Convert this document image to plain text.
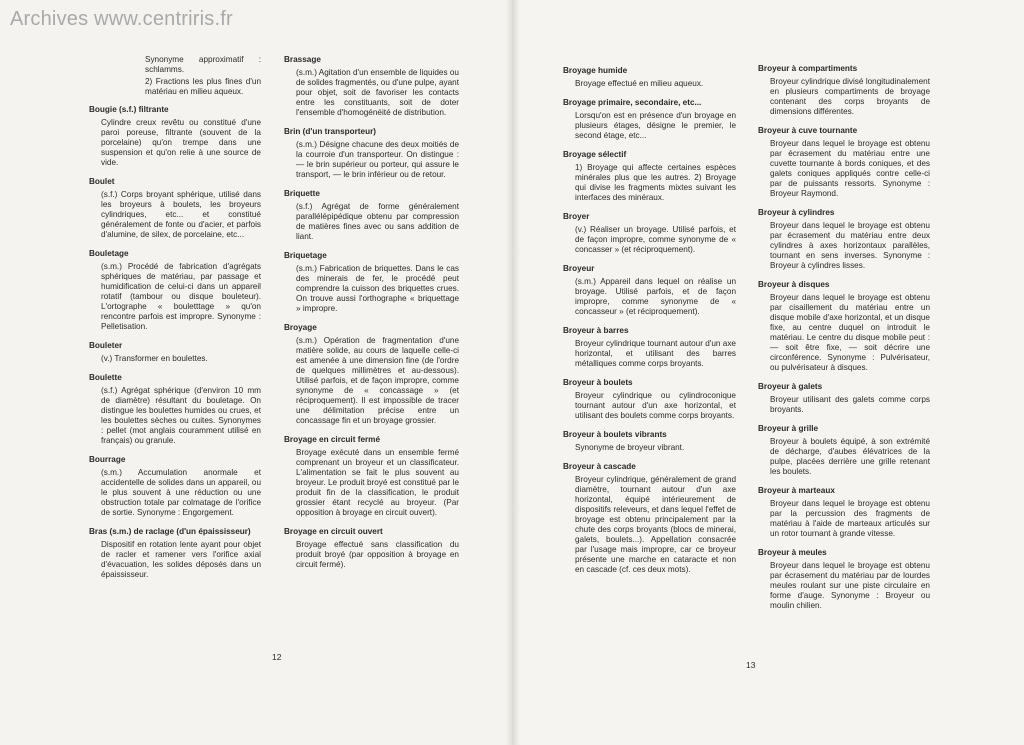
Archives www.centriris.fr

Synonyme approximatif : schlamms.

2) Fractions les plus fines d'un matériau en milieu aqueux.

Bougie (s.f.) filtrante
Cylindre creux revêtu ou constitué d'une paroi poreuse, filtrante (souvent de la porcelaine) qu'on trempe dans une suspension et qu'on relie à une source de vide.
Boulet
(s.f.) Corps broyant sphérique, utilisé dans les broyeurs à boulets, les broyeurs cylindriques, etc... et constitué généralement de fonte ou d'acier, et parfois d'alumine, de silex, de porcelaine, etc...
Bouletage
(s.m.) Procédé de fabrication d'agrégats sphériques de matériau, par passage et humidification de celui-ci dans un appareil rotatif (tambour ou disque bouleteur). L'ortographe « bouletttage » qu'on rencontre parfois est impropre. Synonyme : Pelletisation.
Bouleter
(v.) Transformer en boulettes.
Boulette
(s.f.) Agrégat sphérique (d'environ 10 mm de diamètre) résultant du bouletage. On distingue les boulettes humides ou crues, et les boulettes sèches ou cuites. Synonymes : pellet (mot anglais couramment utilisé en français) ou granule.
Bourrage
(s.m.) Accumulation anormale et accidentelle de solides dans un appareil, ou le plus souvent à une réduction ou une obstruction totale par colmatage de l'orifice de sortie. Synonyme : Engorgement.
Bras (s.m.) de raclage (d'un épaississeur)
Dispositif en rotation lente ayant pour objet de racler et ramener vers l'orifice axial d'évacuation, les solides déposés dans un épaississeur.
Brassage
(s.m.) Agitation d'un ensemble de liquides ou de solides fragmentés, ou d'une pulpe, ayant pour objet, soit de favoriser les contacts entre les constituants, soit de doter l'ensemble d'homogénéité de distribution.
Brin (d'un transporteur)
(s.m.) Désigne chacune des deux moitiés de la courroie d'un transporteur. On distingue : — le brin supérieur ou porteur, qui assure le transport, — le brin inférieur ou de retour.
Briquette
(s.f.) Agrégat de forme généralement parallélépipédique obtenu par compression de matières fines avec ou sans addition de liant.
Briquetage
(s.m.) Fabrication de briquettes. Dans le cas des minerais de fer, le procédé peut comprendre la cuisson des briquettes crues. On trouve aussi l'orthographe « briquettage » impropre.
Broyage
(s.m.) Opération de fragmentation d'une matière solide, au cours de laquelle celle-ci est amenée à une dimension fine (de l'ordre de quelques millimètres et au-dessous). Utilisé parfois, et de façon impropre, comme synonyme de « concassage » (et réciproquement). Il est impossible de tracer une délimitation précise entre un concassage fin et un broyage grossier.
Broyage en circuit fermé
Broyage exécuté dans un ensemble fermé comprenant un broyeur et un classificateur. L'alimentation se fait le plus souvent au broyeur. Le produit broyé est constitué par le produit fin de la classification, le produit grossier étant recyclé au broyeur. (Par opposition à broyage en circuit ouvert).
Broyage en circuit ouvert
Broyage effectué sans classification du produit broyé (par opposition à broyage en circuit fermé).
Broyage humide
Broyage effectué en milieu aqueux.
Broyage primaire, secondaire, etc...
Lorsqu'on est en présence d'un broyage en plusieurs étages, désigne le premier, le second étage, etc...
Broyage sélectif
1) Broyage qui affecte certaines espèces minérales plus que les autres. 2) Broyage qui divise les fragments mixtes suivant les interfaces des minéraux.
Broyer
(v.) Réaliser un broyage. Utilisé parfois, et de façon impropre, comme synonyme de « concasser » (et réciproquement).
Broyeur
(s.m.) Appareil dans lequel on réalise un broyage. Utilisé parfois, et de façon impropre, comme synonyme de « concasseur » (et réciproquement).
Broyeur à barres
Broyeur cylindrique tournant autour d'un axe horizontal, et utilisant des barres métalliques comme corps broyants.
Broyeur à boulets
Broyeur cylindrique ou cylindroconique tournant autour d'un axe horizontal, et utilisant des boulets comme corps broyants.
Broyeur à boulets vibrants
Synonyme de broyeur vibrant.
Broyeur à cascade
Broyeur cylindrique, généralement de grand diamètre, tournant autour d'un axe horizontal, équipé intérieurement de dispositifs releveurs, et dans lequel l'effet de broyage est obtenu principalement par la chute des corps broyants (blocs de minerai, galets, boulets...). Appellation consacrée par l'usage mais impropre, car ce broyeur présente une marche en cataracte et non en cascade (cf. ces deux mots).
Broyeur à compartiments
Broyeur cylindrique divisé longitudinalement en plusieurs compartiments de broyage contenant des corps broyants de dimensions différentes.
Broyeur à cuve tournante
Broyeur dans lequel le broyage est obtenu par écrasement du matériau entre une cuvette tournante à bords coniques, et des galets coniques appliqués contre celle-ci par de puissants ressorts. Synonyme : Broyeur Raymond.
Broyeur à cylindres
Broyeur dans lequel le broyage est obtenu par écrasement du matériau entre deux cylindres à axes horizontaux parallèles, tournant en sens inverses. Synonyme : Broyeur à cylindres lisses.
Broyeur à disques
Broyeur dans lequel le broyage est obtenu par cisaillement du matériau entre un disque mobile d'axe horizontal, et un disque fixe, au centre duquel on introduit le matériau. Le centre du disque mobile peut : — soit être fixe, — soit décrire une circonférence. Synonyme : Pulvérisateur, ou pulvérisateur à disques.
Broyeur à galets
Broyeur utilisant des galets comme corps broyants.
Broyeur à grille
Broyeur à boulets équipé, à son extrémité de décharge, d'aubes élévatrices de la pulpe, placées derrière une grille retenant les boulets.
Broyeur à marteaux
Broyeur dans lequel le broyage est obtenu par la percussion des fragments de matériau à l'aide de marteaux articulés sur un rotor tournant à grande vitesse.
Broyeur à meules
Broyeur dans lequel le broyage est obtenu par écrasement du matériau par de lourdes meules roulant sur une piste circulaire en forme d'auge. Synonyme : Broyeur ou moulin chilien.
12
13
